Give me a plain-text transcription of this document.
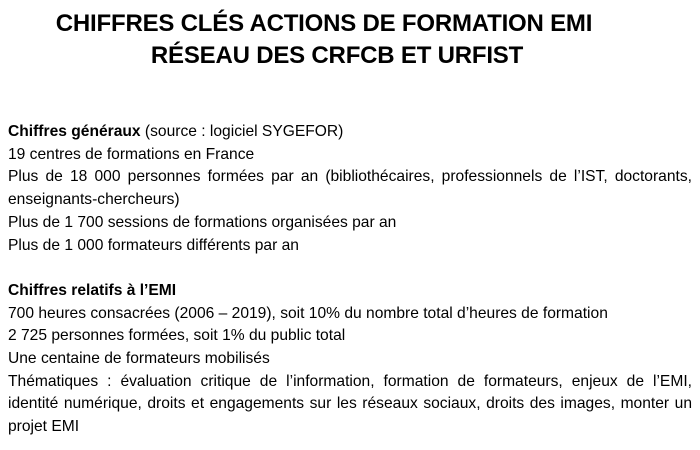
CHIFFRES CLÉS ACTIONS DE FORMATION EMI
RÉSEAU DES CRFCB ET URFIST
Chiffres généraux (source : logiciel SYGEFOR)
19 centres de formations en France
Plus de 18 000 personnes formées par an (bibliothécaires, professionnels de l’IST, doctorants, enseignants-chercheurs)
Plus de 1 700 sessions de formations organisées par an
Plus de 1 000 formateurs différents par an
Chiffres relatifs à l’EMI
700 heures consacrées (2006 – 2019), soit 10% du nombre total d’heures de formation
2 725 personnes formées, soit 1% du public total
Une centaine de formateurs mobilisés
Thématiques : évaluation critique de l’information, formation de formateurs, enjeux de l’EMI, identité numérique, droits et engagements sur les réseaux sociaux, droits des images, monter un projet EMI
